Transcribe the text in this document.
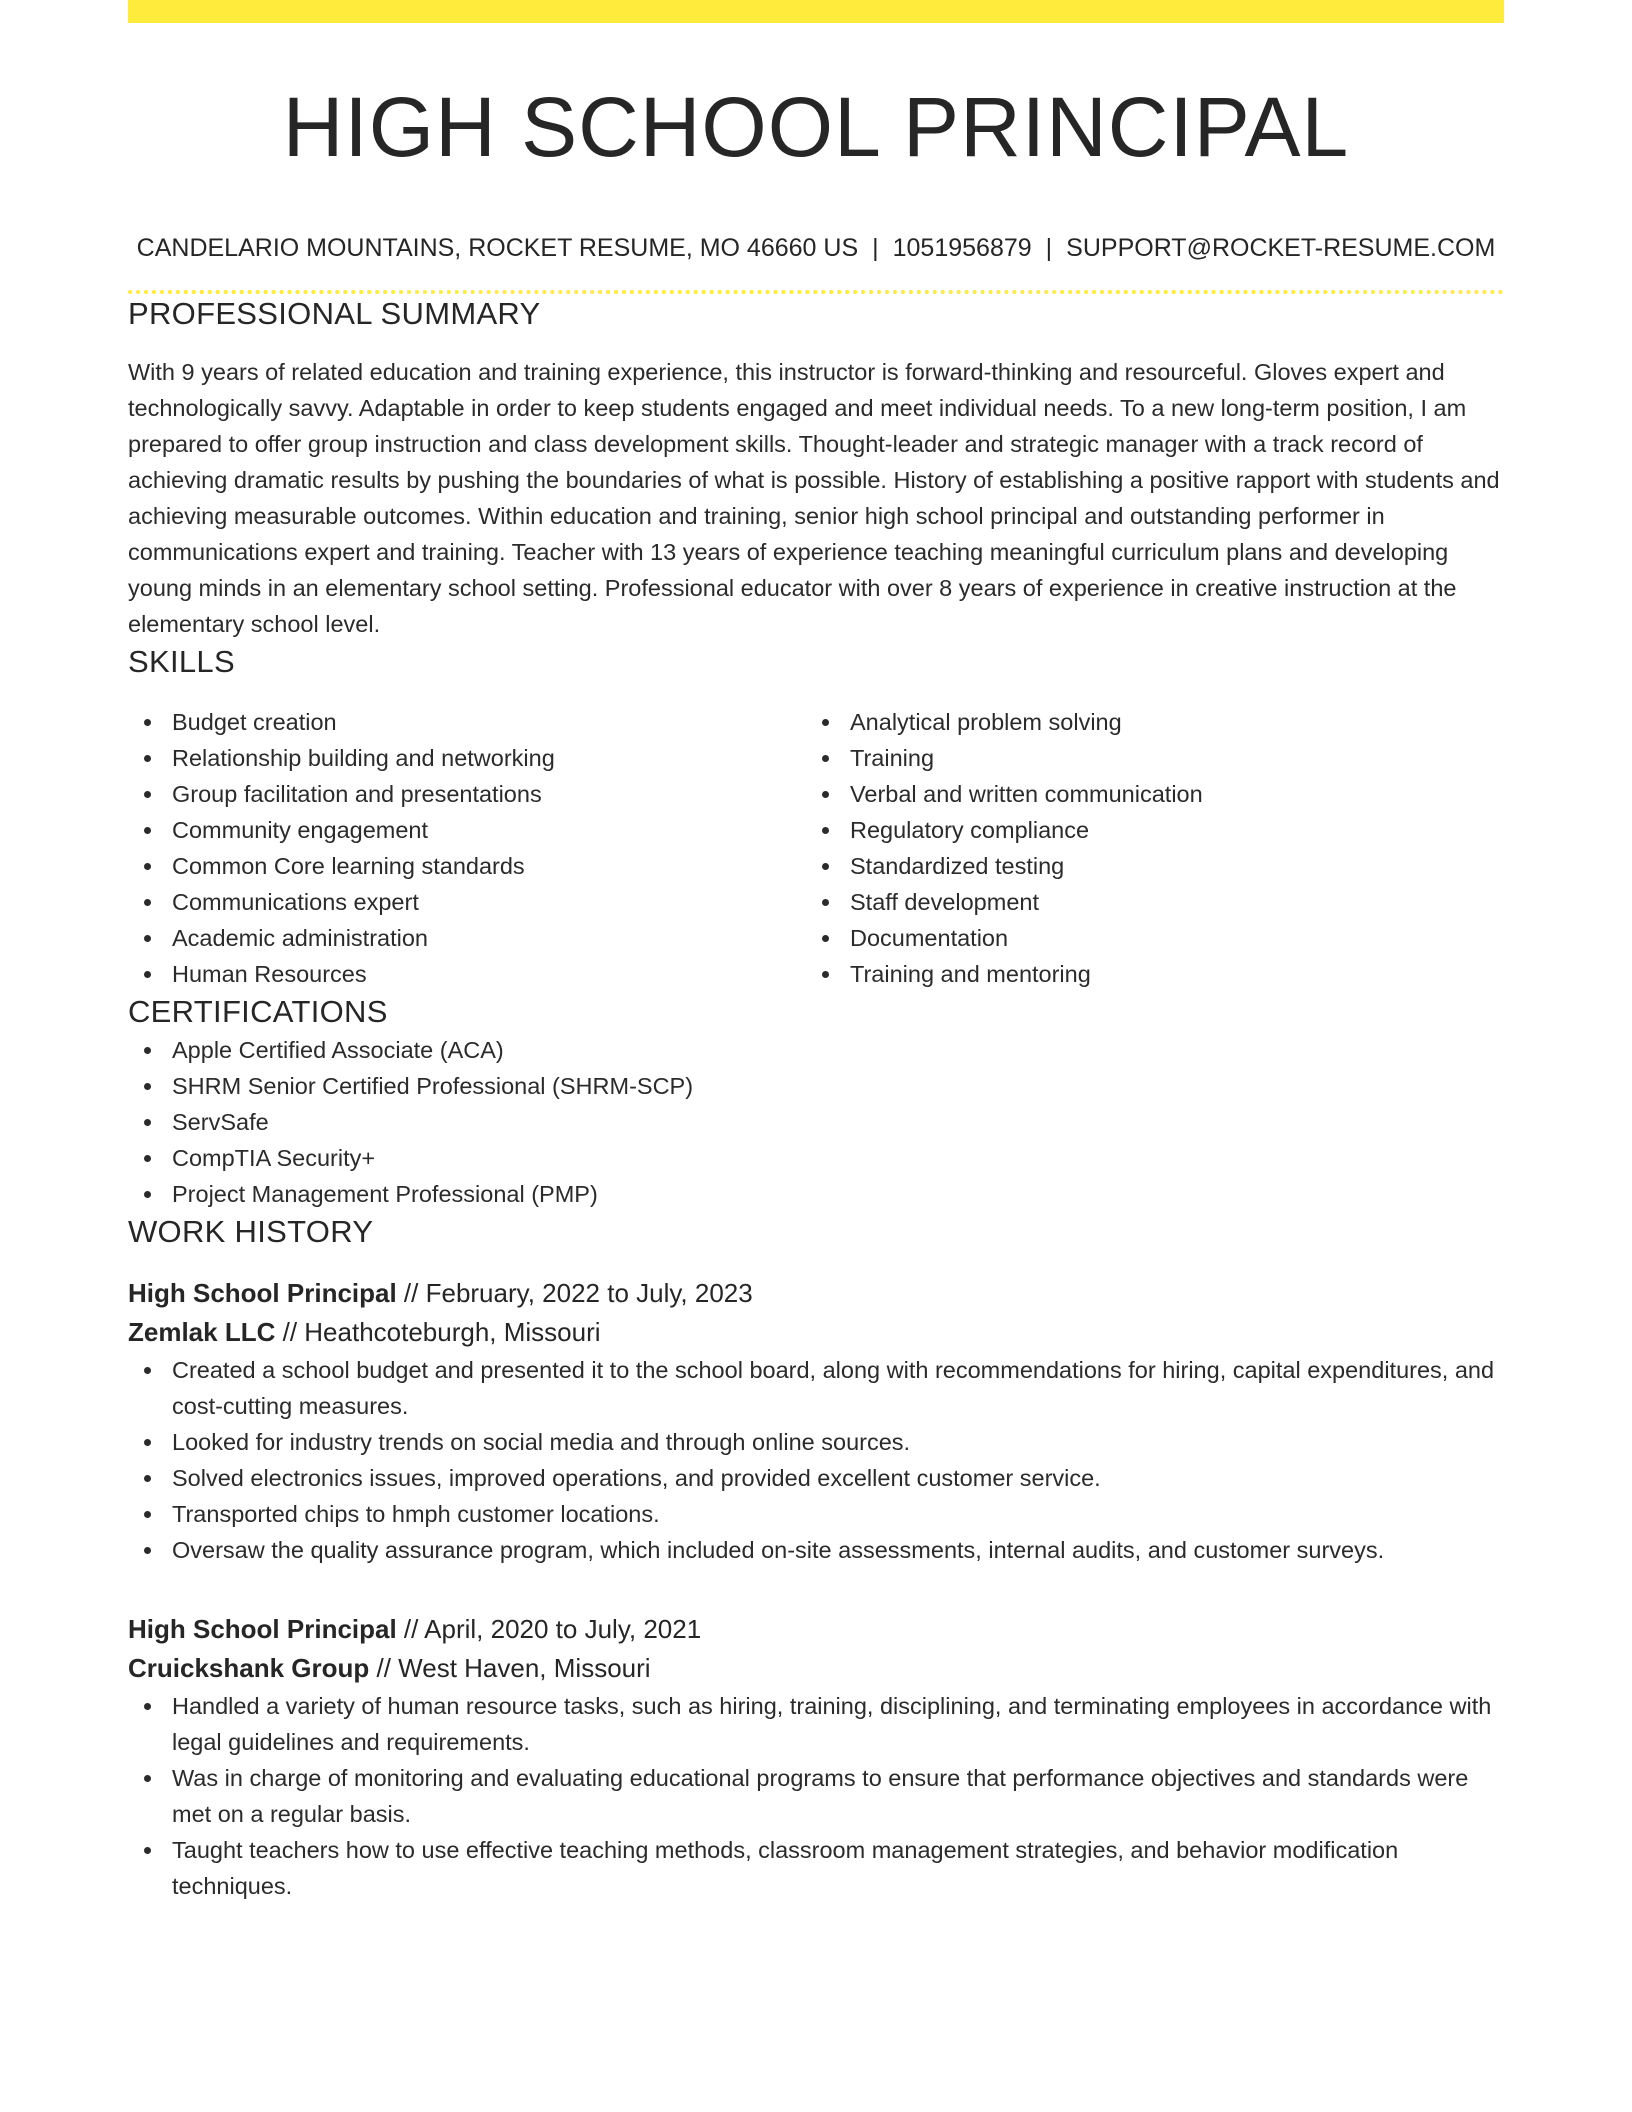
HIGH SCHOOL PRINCIPAL
CANDELARIO MOUNTAINS, ROCKET RESUME, MO 46660 US | 1051956879 | SUPPORT@ROCKET-RESUME.COM
PROFESSIONAL SUMMARY

With 9 years of related education and training experience, this instructor is forward-thinking and resourceful. Gloves expert and technologically savvy. Adaptable in order to keep students engaged and meet individual needs. To a new long-term position, I am prepared to offer group instruction and class development skills. Thought-leader and strategic manager with a track record of achieving dramatic results by pushing the boundaries of what is possible. History of establishing a positive rapport with students and achieving measurable outcomes. Within education and training, senior high school principal and outstanding performer in communications expert and training. Teacher with 13 years of experience teaching meaningful curriculum plans and developing young minds in an elementary school setting. Professional educator with over 8 years of experience in creative instruction at the elementary school level.

SKILLS
Budget creation
Relationship building and networking
Group facilitation and presentations
Community engagement
Common Core learning standards
Communications expert
Academic administration
Human Resources
Analytical problem solving
Training
Verbal and written communication
Regulatory compliance
Standardized testing
Staff development
Documentation
Training and mentoring
CERTIFICATIONS
Apple Certified Associate (ACA)
SHRM Senior Certified Professional (SHRM-SCP)
ServSafe
CompTIA Security+
Project Management Professional (PMP)
WORK HISTORY
High School Principal // February, 2022 to July, 2023
Zemlak LLC // Heathcoteburgh, Missouri
Created a school budget and presented it to the school board, along with recommendations for hiring, capital expenditures, and cost-cutting measures.
Looked for industry trends on social media and through online sources.
Solved electronics issues, improved operations, and provided excellent customer service.
Transported chips to hmph customer locations.
Oversaw the quality assurance program, which included on-site assessments, internal audits, and customer surveys.
High School Principal // April, 2020 to July, 2021
Cruickshank Group // West Haven, Missouri
Handled a variety of human resource tasks, such as hiring, training, disciplining, and terminating employees in accordance with legal guidelines and requirements.
Was in charge of monitoring and evaluating educational programs to ensure that performance objectives and standards were met on a regular basis.
Taught teachers how to use effective teaching methods, classroom management strategies, and behavior modification techniques.
